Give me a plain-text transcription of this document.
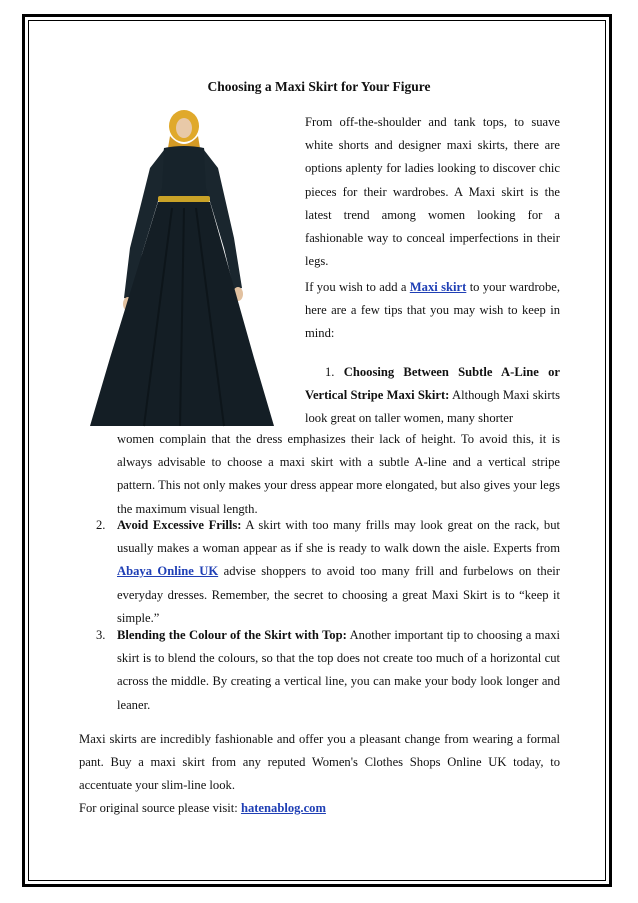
Choosing a Maxi Skirt for Your Figure

From off-the-shoulder and tank tops, to suave white shorts and designer maxi skirts, there are options aplenty for ladies looking to discover chic pieces for their wardrobes. A Maxi skirt is the latest trend among women looking for a fashionable way to conceal imperfections in their legs.

If you wish to add a Maxi skirt to your wardrobe, here are a few tips that you may wish to keep in mind:

1. Choosing Between Subtle A-Line or Vertical Stripe Maxi Skirt: Although Maxi skirts look great on taller women, many shorter

women complain that the dress emphasizes their lack of height. To avoid this, it is always advisable to choose a maxi skirt with a subtle A-line and a vertical stripe pattern. This not only makes your dress appear more elongated, but also gives your legs the maximum visual length.

2. Avoid Excessive Frills: A skirt with too many frills may look great on the rack, but usually makes a woman appear as if she is ready to walk down the aisle. Experts from Abaya Online UK advise shoppers to avoid too many frill and furbelows on their everyday dresses. Remember, the secret to choosing a great Maxi Skirt is to “keep it simple.”

3. Blending the Colour of the Skirt with Top: Another important tip to choosing a maxi skirt is to blend the colours, so that the top does not create too much of a horizontal cut across the middle. By creating a vertical line, you can make your body look longer and leaner.

Maxi skirts are incredibly fashionable and offer you a pleasant change from wearing a formal pant. Buy a maxi skirt from any reputed Women's Clothes Shops Online UK today, to accentuate your slim-line look.

For original source please visit: hatenablog.com
